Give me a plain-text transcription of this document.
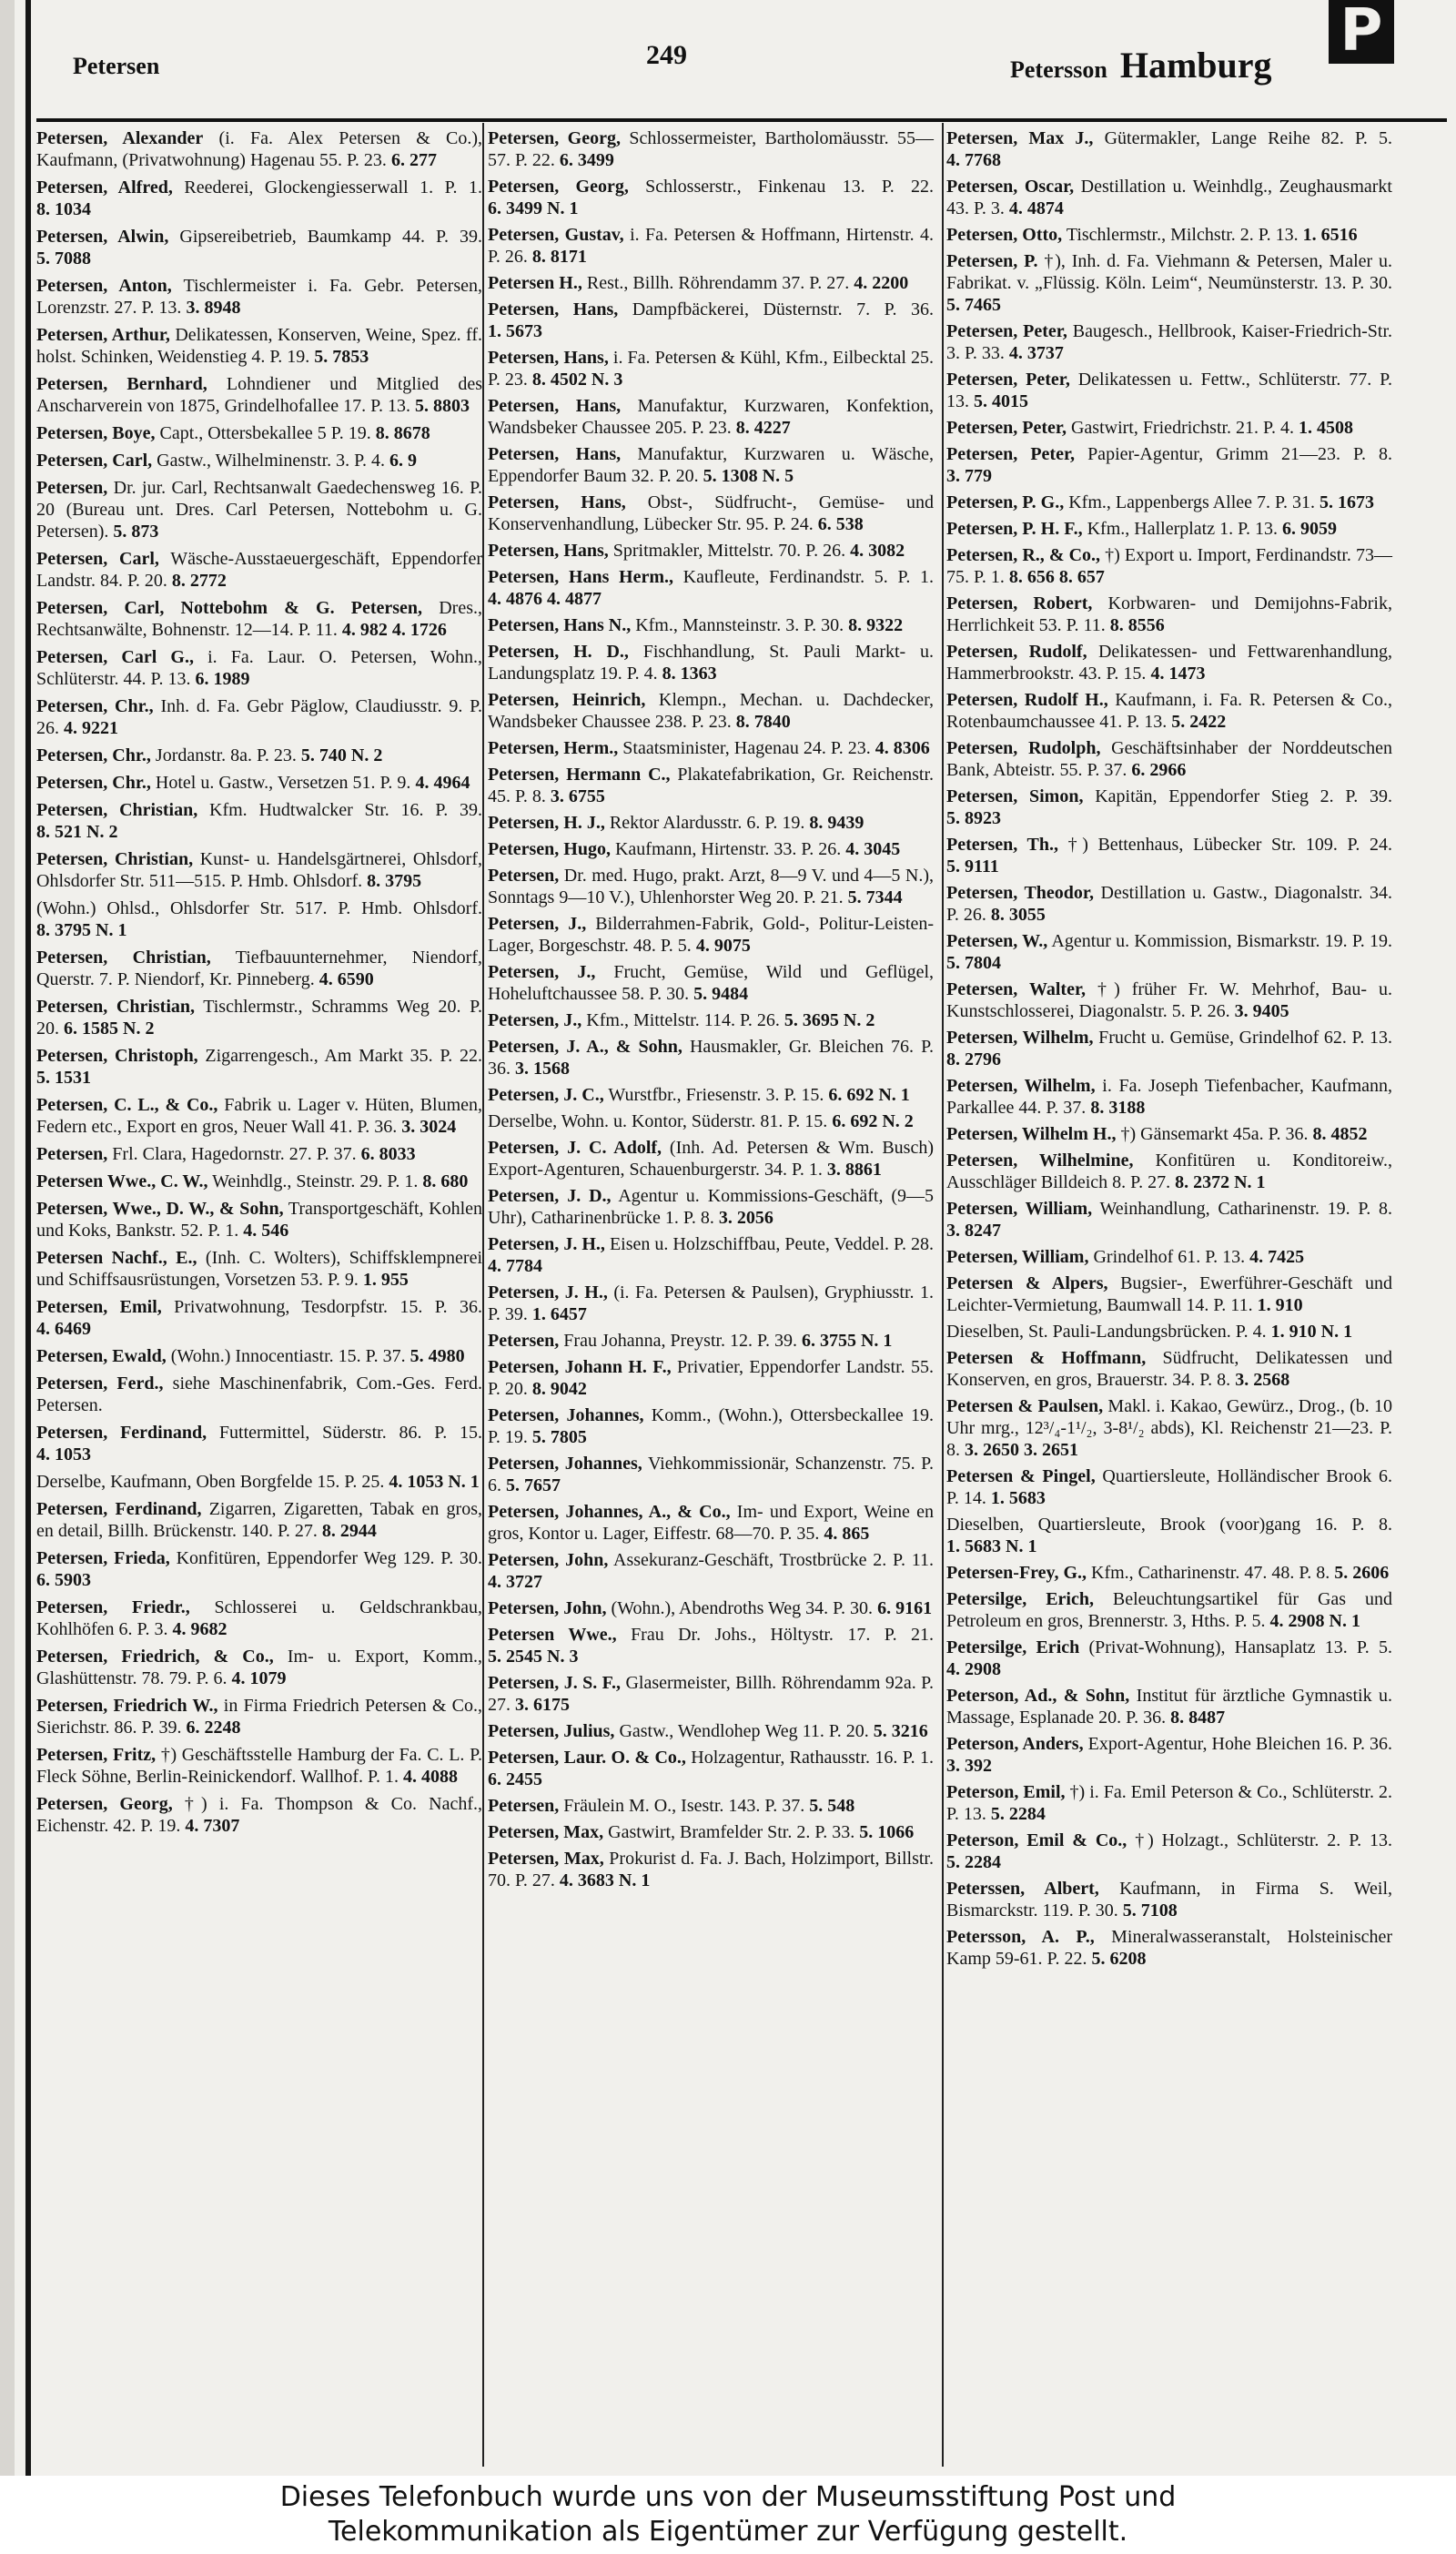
Petersen	249	Petersson Hamburg
P
Petersen, Alexander (i. Fa. Alex Petersen & Co.), Kaufmann, (Privatwohnung) Hagenau 55. P. 23. 6. 277
Petersen, Alfred, Reederei, Glockengiesserwall 1. P. 1. 8. 1034
Petersen, Alwin, Gipsereibetrieb, Baumkamp 44. P. 39. 5. 7088
Petersen, Anton, Tischlermeister i. Fa. Gebr. Petersen, Lorenzstr. 27. P. 13. 3. 8948
Petersen, Arthur, Delikatessen, Konserven, Weine, Spez. ff. holst. Schinken, Weidenstieg 4. P. 19. 5. 7853
Petersen, Bernhard, Lohndiener und Mitglied des Anscharverein von 1875, Grindelhofallee 17. P. 13. 5. 8803
Petersen, Boye, Capt., Ottersbekallee 5 P. 19. 8. 8678
Petersen, Carl, Gastw., Wilhelminenstr. 3. P. 4. 6. 9
Petersen, Dr. jur. Carl, Rechtsanwalt Gaedechensweg 16. P. 20 (Bureau unt. Dres. Carl Petersen, Nottebohm u. G. Petersen). 5. 873
Petersen, Carl, Wäsche-Ausstaeuergeschäft, Eppendorfer Landstr. 84. P. 20. 8. 2772
Petersen, Carl, Nottebohm & G. Petersen, Dres., Rechtsanwälte, Bohnenstr. 12—14. P. 11. 4. 982 4. 1726
Petersen, Carl G., i. Fa. Laur. O. Petersen, Wohn., Schlüterstr. 44. P. 13. 6. 1989
Petersen, Chr., Inh. d. Fa. Gebr Päglow, Claudiusstr. 9. P. 26. 4. 9221
Petersen, Chr., Jordanstr. 8a. P. 23. 5. 740 N. 2
Petersen, Chr., Hotel u. Gastw., Versetzen 51. P. 9. 4. 4964
Petersen, Christian, Kfm. Hudtwalcker Str. 16. P. 39. 8. 521 N. 2
Petersen, Christian, Kunst- u. Handelsgärtnerei, Ohlsdorf, Ohlsdorfer Str. 511—515. P. Hmb. Ohlsdorf. 8. 3795
(Wohn.) Ohlsd., Ohlsdorfer Str. 517. P. Hmb. Ohlsdorf. 8. 3795 N. 1
Petersen, Christian, Tiefbauunternehmer, Niendorf, Querstr. 7. P. Niendorf, Kr. Pinneberg. 4. 6590
Petersen, Christian, Tischlermstr., Schramms Weg 20. P. 20. 6. 1585 N. 2
Petersen, Christoph, Zigarrengesch., Am Markt 35. P. 22. 5. 1531
Petersen, C. L., & Co., Fabrik u. Lager v. Hüten, Blumen, Federn etc., Export en gros, Neuer Wall 41. P. 36. 3. 3024
Petersen, Frl. Clara, Hagedornstr. 27. P. 37. 6. 8033
Petersen Wwe., C. W., Weinhdlg., Steinstr. 29. P. 1. 8. 680
Petersen, Wwe., D. W., & Sohn, Transportgeschäft, Kohlen und Koks, Bankstr. 52. P. 1. 4. 546
Petersen Nachf., E., (Inh. C. Wolters), Schiffsklempnerei und Schiffsausrüstungen, Vorsetzen 53. P. 9. 1. 955
Petersen, Emil, Privatwohnung, Tesdorpfstr. 15. P. 36. 4. 6469
Petersen, Ewald, (Wohn.) Innocentiastr. 15. P. 37. 5. 4980
Petersen, Ferd., siehe Maschinenfabrik, Com.-Ges. Ferd. Petersen.
Petersen, Ferdinand, Futtermittel, Süderstr. 86. P. 15. 4. 1053
Derselbe, Kaufmann, Oben Borgfelde 15. P. 25. 4. 1053 N. 1
Petersen, Ferdinand, Zigarren, Zigaretten, Tabak en gros, en detail, Billh. Brückenstr. 140. P. 27. 8. 2944
Petersen, Frieda, Konfitüren, Eppendorfer Weg 129. P. 30. 6. 5903
Petersen, Friedr., Schlosserei u. Geldschrankbau, Kohlhöfen 6. P. 3. 4. 9682
Petersen, Friedrich, & Co., Im- u. Export, Komm., Glashüttenstr. 78. 79. P. 6. 4. 1079
Petersen, Friedrich W., in Firma Friedrich Petersen & Co., Sierichstr. 86. P. 39. 6. 2248
Petersen, Fritz, †) Geschäftsstelle Hamburg der Fa. C. L. P. Fleck Söhne, Berlin-Reinickendorf. Wallhof. P. 1. 4. 4088
Petersen, Georg, †) i. Fa. Thompson & Co. Nachf., Eichenstr. 42. P. 19. 4. 7307
Petersen, Georg, Schlossermeister, Bartholomäusstr. 55—57. P. 22. 6. 3499
Petersen, Georg, Schlosserstr., Finkenau 13. P. 22. 6. 3499 N. 1
Petersen, Gustav, i. Fa. Petersen & Hoffmann, Hirtenstr. 4. P. 26. 8. 8171
Petersen H., Rest., Billh. Röhrendamm 37. P. 27. 4. 2200
Petersen, Hans, Dampfbäckerei, Düsternstr. 7. P. 36. 1. 5673
Petersen, Hans, i. Fa. Petersen & Kühl, Kfm., Eilbecktal 25. P. 23. 8. 4502 N. 3
Petersen, Hans, Manufaktur, Kurzwaren, Konfektion, Wandsbeker Chaussee 205. P. 23. 8. 4227
Petersen, Hans, Manufaktur, Kurzwaren u. Wäsche, Eppendorfer Baum 32. P. 20. 5. 1308 N. 5
Petersen, Hans, Obst-, Südfrucht-, Gemüse- und Konservenhandlung, Lübecker Str. 95. P. 24. 6. 538
Petersen, Hans, Spritmakler, Mittelstr. 70. P. 26. 4. 3082
Petersen, Hans Herm., Kaufleute, Ferdinandstr. 5. P. 1. 4. 4876 4. 4877
Petersen, Hans N., Kfm., Mannsteinstr. 3. P. 30. 8. 9322
Petersen, H. D., Fischhandlung, St. Pauli Markt- u. Landungsplatz 19. P. 4. 8. 1363
Petersen, Heinrich, Klempn., Mechan. u. Dachdecker, Wandsbeker Chaussee 238. P. 23. 8. 7840
Petersen, Herm., Staatsminister, Hagenau 24. P. 23. 4. 8306
Petersen, Hermann C., Plakatefabrikation, Gr. Reichenstr. 45. P. 8. 3. 6755
Petersen, H. J., Rektor Alardusstr. 6. P. 19. 8. 9439
Petersen, Hugo, Kaufmann, Hirtenstr. 33. P. 26. 4. 3045
Petersen, Dr. med. Hugo, prakt. Arzt, 8—9 V. und 4—5 N.), Sonntags 9—10 V.), Uhlenhorster Weg 20. P. 21. 5. 7344
Petersen, J., Bilderrahmen-Fabrik, Gold-, Politur-Leisten-Lager, Borgeschstr. 48. P. 5. 4. 9075
Petersen, J., Frucht, Gemüse, Wild und Geflügel, Hoheluftchaussee 58. P. 30. 5. 9484
Petersen, J., Kfm., Mittelstr. 114. P. 26. 5. 3695 N. 2
Petersen, J. A., & Sohn, Hausmakler, Gr. Bleichen 76. P. 36. 3. 1568
Petersen, J. C., Wurstfbr., Friesenstr. 3. P. 15. 6. 692 N. 1
Derselbe, Wohn. u. Kontor, Süderstr. 81. P. 15. 6. 692 N. 2
Petersen, J. C. Adolf, (Inh. Ad. Petersen & Wm. Busch) Export-Agenturen, Schauenburgerstr. 34. P. 1. 3. 8861
Petersen, J. D., Agentur u. Kommissions-Geschäft, (9—5 Uhr), Catharinenbrücke 1. P. 8. 3. 2056
Petersen, J. H., Eisen u. Holzschiffbau, Peute, Veddel. P. 28. 4. 7784
Petersen, J. H., (i. Fa. Petersen & Paulsen), Gryphiusstr. 1. P. 39. 1. 6457
Petersen, Frau Johanna, Preystr. 12. P. 39. 6. 3755 N. 1
Petersen, Johann H. F., Privatier, Eppendorfer Landstr. 55. P. 20. 8. 9042
Petersen, Johannes, Komm., (Wohn.), Ottersbeckallee 19. P. 19. 5. 7805
Petersen, Johannes, Viehkommissionär, Schanzenstr. 75. P. 6. 5. 7657
Petersen, Johannes, A., & Co., Im- und Export, Weine en gros, Kontor u. Lager, Eiffestr. 68—70. P. 35. 4. 865
Petersen, John, Assekuranz-Geschäft, Trostbrücke 2. P. 11. 4. 3727
Petersen, John, (Wohn.), Abendroths Weg 34. P. 30. 6. 9161
Petersen Wwe., Frau Dr. Johs., Höltystr. 17. P. 21. 5. 2545 N. 3
Petersen, J. S. F., Glasermeister, Billh. Röhrendamm 92a. P. 27. 3. 6175
Petersen, Julius, Gastw., Wendlohер Weg 11. P. 20. 5. 3216
Petersen, Laur. O. & Co., Holzagentur, Rathausstr. 16. P. 1. 6. 2455
Petersen, Fräulein M. O., Isestr. 143. P. 37. 5. 548
Petersen, Max, Gastwirt, Bramfelder Str. 2. P. 33. 5. 1066
Petersen, Max, Prokurist d. Fa. J. Bach, Holzimport, Billstr. 70. P. 27. 4. 3683 N. 1
Petersen, Max J., Gütermakler, Lange Reihe 82. P. 5. 4. 7768
Petersen, Oscar, Destillation u. Weinhdlg., Zeughausmarkt 43. P. 3. 4. 4874
Petersen, Otto, Tischlermstr., Milchstr. 2. P. 13. 1. 6516
Petersen, P. †), Inh. d. Fa. Viehmann & Petersen, Maler u. Fabrikat. v. „Flüssig. Köln. Leim“, Neumünsterstr. 13. P. 30. 5. 7465
Petersen, Peter, Baugesch., Hellbrook, Kaiser-Friedrich-Str. 3. P. 33. 4. 3737
Petersen, Peter, Delikatessen u. Fettw., Schlüterstr. 77. P. 13. 5. 4015
Petersen, Peter, Gastwirt, Friedrichstr. 21. P. 4. 1. 4508
Petersen, Peter, Papier-Agentur, Grimm 21—23. P. 8. 3. 779
Petersen, P. G., Kfm., Lappenbergs Allee 7. P. 31. 5. 1673
Petersen, P. H. F., Kfm., Hallerplatz 1. P. 13. 6. 9059
Petersen, R., & Co., †) Export u. Import, Ferdinandstr. 73—75. P. 1. 8. 656 8. 657
Petersen, Robert, Korbwaren- und Demijohns-Fabrik, Herrlichkeit 53. P. 11. 8. 8556
Petersen, Rudolf, Delikatessen- und Fettwarenhandlung, Hammerbrookstr. 43. P. 15. 4. 1473
Petersen, Rudolf H., Kaufmann, i. Fa. R. Petersen & Co., Rotenbaumchaussee 41. P. 13. 5. 2422
Petersen, Rudolph, Geschäftsinhaber der Norddeutschen Bank, Abteistr. 55. P. 37. 6. 2966
Petersen, Simon, Kapitän, Eppendorfer Stieg 2. P. 39. 5. 8923
Petersen, Th., †) Bettenhaus, Lübecker Str. 109. P. 24. 5. 9111
Petersen, Theodor, Destillation u. Gastw., Diagonalstr. 34. P. 26. 8. 3055
Petersen, W., Agentur u. Kommission, Bismarkstr. 19. P. 19. 5. 7804
Petersen, Walter, †) früher Fr. W. Mehrhof, Bau- u. Kunstschlosserei, Diagonalstr. 5. P. 26. 3. 9405
Petersen, Wilhelm, Frucht u. Gemüse, Grindelhof 62. P. 13. 8. 2796
Petersen, Wilhelm, i. Fa. Joseph Tiefenbacher, Kaufmann, Parkallee 44. P. 37. 8. 3188
Petersen, Wilhelm H., †) Gänsemarkt 45a. P. 36. 8. 4852
Petersen, Wilhelmine, Konfitüren u. Konditoreiw., Ausschläger Billdeich 8. P. 27. 8. 2372 N. 1
Petersen, William, Weinhandlung, Catharinenstr. 19. P. 8. 3. 8247
Petersen, William, Grindelhof 61. P. 13. 4. 7425
Petersen & Alpers, Bugsier-, Ewerführer-Geschäft und Leichter-Vermietung, Baumwall 14. P. 11. 1. 910
Dieselben, St. Pauli-Landungsbrücken. P. 4. 1. 910 N. 1
Petersen & Hoffmann, Südfrucht, Delikatessen und Konserven, en gros, Brauerstr. 34. P. 8. 3. 2568
Petersen & Paulsen, Makl. i. Kakao, Gewürz., Drog., (b. 10 Uhr mrg., 12³/₄-1¹/₂, 3-8¹/₂ abds), Kl. Reichenstr 21—23. P. 8. 3. 2650 3. 2651
Petersen & Pingel, Quartiersleute, Holländischer Brook 6. P. 14. 1. 5683
Dieselben, Quartiersleute, Brook (voor)gang 16. P. 8. 1. 5683 N. 1
Petersen-Frey, G., Kfm., Catharinenstr. 47. 48. P. 8. 5. 2606
Petersilge, Erich, Beleuchtungsartikel für Gas und Petroleum en gros, Brennerstr. 3, Hths. P. 5. 4. 2908 N. 1
Petersilge, Erich (Privat-Wohnung), Hansaplatz 13. P. 5. 4. 2908
Peterson, Ad., & Sohn, Institut für ärztliche Gymnastik u. Massage, Esplanade 20. P. 36. 8. 8487
Peterson, Anders, Export-Agentur, Hohe Bleichen 16. P. 36. 3. 392
Peterson, Emil, †) i. Fa. Emil Peterson & Co., Schlüterstr. 2. P. 13. 5. 2284
Peterson, Emil & Co., †) Holzagt., Schlüterstr. 2. P. 13. 5. 2284
Peterssen, Albert, Kaufmann, in Firma S. Weil, Bismarckstr. 119. P. 30. 5. 7108
Petersson, A. P., Mineralwasseranstalt, Holsteinischer Kamp 59-61. P. 22. 5. 6208
Dieses Telefonbuch wurde uns von der Museumsstiftung Post und
Telekommunikation als Eigentümer zur Verfügung gestellt.
